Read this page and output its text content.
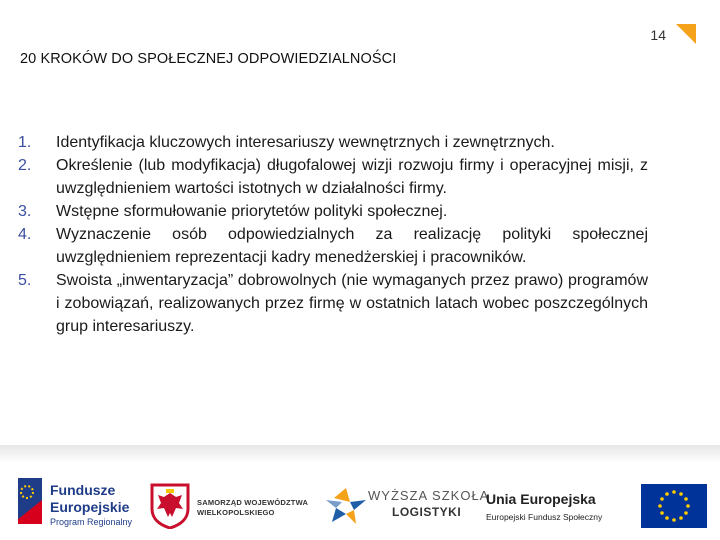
14
20 KROKÓW DO SPOŁECZNEJ ODPOWIEDZIALNOŚCI
1.	Identyfikacja kluczowych interesariuszy wewnętrznych i zewnętrznych.
2.	Określenie (lub modyfikacja) długofalowej wizji rozwoju firmy i operacyjnej misji, z uwzględnieniem wartości istotnych w działalności firmy.
3.	Wstępne sformułowanie priorytetów polityki społecznej.
4.	Wyznaczenie osób odpowiedzialnych za realizację polityki społecznej uwzględnieniem reprezentacji kadry menedżerskiej i pracowników.
5.	Swoista „inwentaryzacja” dobrowolnych (nie wymaganych przez prawo) programów i zobowiązań, realizowanych przez firmę w ostatnich latach wobec poszczególnych grup interesariuszy.
Fundusze
Europejskie
Program Regionalny
SAMORZĄD WOJEWÓDZTWA
WIELKOPOLSKIEGO
WYŻSZA SZKOŁA
LOGISTYKI
Unia Europejska
Europejski Fundusz Społeczny
